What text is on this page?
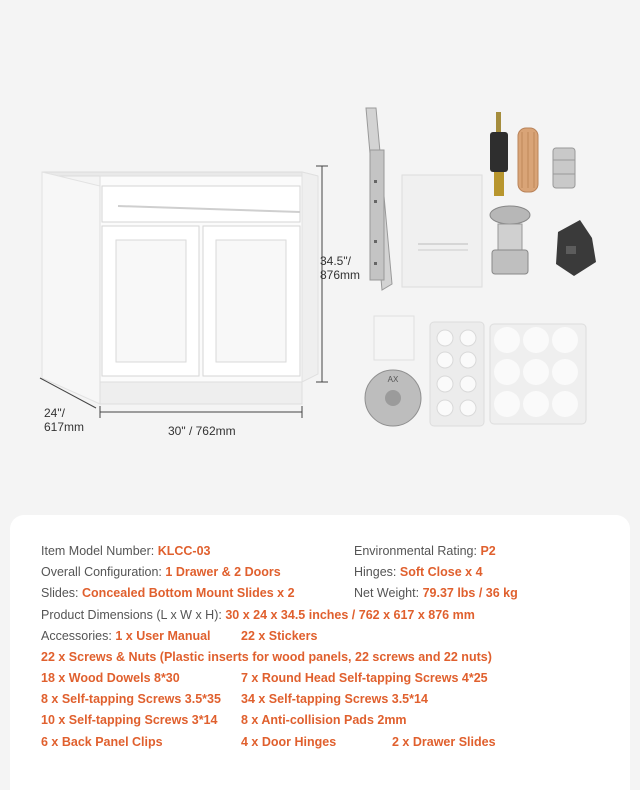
AX
34.5"/ 876mm
24"/ 617mm	30" / 762mm
Item Model Number: KLCC-03	Environmental Rating: P2
Overall Configuration: 1 Drawer & 2 Doors	Hinges: Soft Close x 4
Slides: Concealed Bottom Mount Slides x 2	Net Weight: 79.37 lbs / 36 kg
Product Dimensions (L x W x H): 30 x 24 x 34.5 inches / 762 x 617 x 876 mm
Accessories: 1 x User Manual 22 x Stickers
22 x Screws & Nuts (Plastic inserts for wood panels, 22 screws and 22 nuts)
18 x Wood Dowels 8*30	7 x Round Head Self-tapping Screws 4*25
8 x Self-tapping Screws 3.5*35 34 x Self-tapping Screws 3.5*14
10 x Self-tapping Screws 3*14 8 x Anti-collision Pads 2mm
6 x Back Panel Clips	4 x Door Hinges	2 x Drawer Slides
